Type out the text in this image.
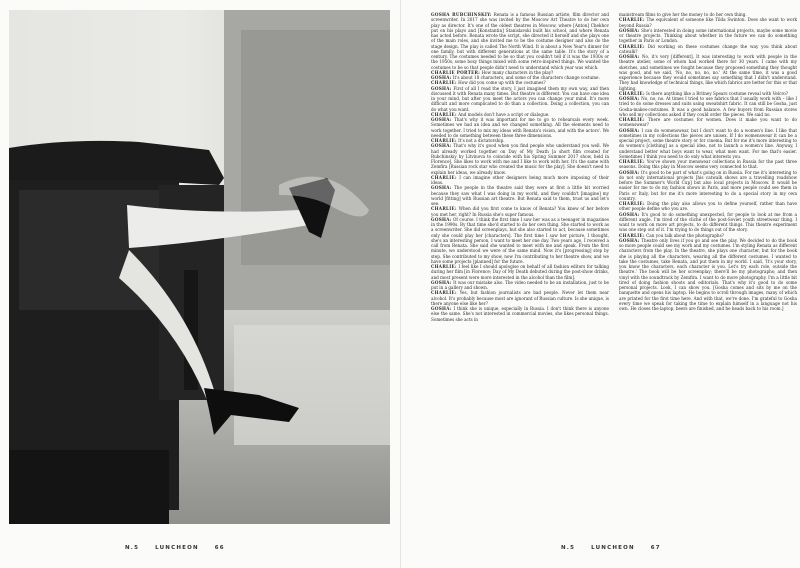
N.5	LUNCHEON	66

GOSHA RUBCHINSKIY: Renata is a famous Russian artiste, film director and screenwriter. In 2017 she was invited by the Moscow Art Theatre to do her own play as director. It's one of the oldest theatres in Moscow, where [Anton] Chekhov put on his plays and [Konstantin] Stanislavski built his school, and where Renata has acted before. Renata wrote the script, she directed it herself and she plays one of the main roles, and she invited me to be the costume designer and also do the stage design. The play is called The North Wind. It is about a New Year's dinner for one family, but with different generations at the same table. It's the story of a century. The costumes needed to be so that you couldn't tell if it was the 1930s or the 1950s, some boxy things mixed with some retro-inspired things. We wanted the costumes to be so that people didn't need to understand which year was which.

CHARLIE PORTER: How many characters in the play?

GOSHA: It's about 18 characters, and some of the characters change costume.

CHARLIE: How did you come up with the costumes?

GOSHA: First of all I read the story, I just imagined them my own way, and then discussed it with Renata many times. But theatre is different. You can have one idea in your mind, but after you meet the actors you can change your mind. It's more difficult and more complicated to do than a collection. Doing a collection, you can do what you want.

CHARLIE: And models don't have a script or dialogue.

GOSHA: That's why it was important for me to go to rehearsals every week. Sometimes we had an idea and we changed something. All the elements need to work together. I tried to mix my ideas with Renata's vision, and with the actors'. We needed to do something between these three dimensions.

CHARLIE: It's not a dictatorship.

GOSHA: That's why it's good when you find people who understand you well. We had already worked together on Day of My Death [a short film created for Rubchinskiy by Litvinova to coincide with his Spring Summer 2017 show, held in Florence]. She likes to work with me and I like to work with her. It's the same with Zemfira [Russian rock star who created the music for the play]. She doesn't need to explain her ideas, we already know.

CHARLIE: I can imagine other designers being much more imposing of their ideas.

GOSHA: The people in the theatre said they were at first a little bit worried because they saw what I was doing in my world, and they couldn't [imagine] my world [fitting] with Russian art theatre. But Renata said to them, trust us and let's see.

CHARLIE: When did you first come to know of Renata? You knew of her before you met her, right? In Russia she's super famous.

GOSHA: Of course. I think the first time I saw her was as a teenager in magazines in the 1990s. By that time she'd started to do her own thing. She started to work as a screenwriter. She did screenplays, but she also started to act, because sometimes only she could play her [characters]. The first time I saw her picture, I thought, she's an interesting person, I want to meet her one day. Two years ago, I received a call from Renata. She said she wanted to meet with me and speak. From the first minute, we understood we were of the same mind. Now it's [progressing] step by step. She contributed to my show, now I'm contributing to her theatre show, and we have some projects [planned] for the future.

CHARLIE: I feel like I should apologise on behalf of all fashion editors for talking during her film [in Florence; Day of My Death debuted during the post-show drinks, and most present were more interested in the alcohol than the film].

GOSHA: It was our mistake also. The video needed to be an installation, just to be put in a gallery and shown.

CHARLIE: Yes, but fashion journalists are bad people. Never let them near alcohol. It's probably because most are ignorant of Russian culture. Is she unique, is there anyone else like her?

GOSHA: I think she is unique, especially in Russia. I don't think there is anyone else the same. She's not interested in commercial movies, she likes personal things. Sometimes she acts in

mainstream films to give her the money to do her own thing.

CHARLIE: The equivalent of someone like Tilda Swinton. Does she want to work beyond Russia?

GOSHA: She's interested in doing some international projects, maybe some movie or theatre projects. Thinking about whether in the future we can do something together in Paris or London.

CHARLIE: Did working on these costumes change the way you think about catwalk?

GOSHA: No, it's very [different]. It was interesting to work with people in the theatre atelier, some of whom had worked there for 30 years. I came with my sketches, and sometimes we fought because they proposed something they thought was good, and we said, 'No, no, no, no, no.' At the same time, it was a good experience because they would sometimes say something that I didn't understand. They had knowledge of technical things, like which fabrics are better for this or that lighting.

CHARLIE: Is there anything like a Britney Spears costume reveal with Velcro?

GOSHA: No, no, no. At times I tried to use fabrics that I usually work with – like I tried to do some dresses and suits using sweatshirt fabric. It can still be Gosha, just Gosha-makes-costumes. It was a good balance. A few buyers from Russian stores who sell my collections asked if they could order the pieces. We said no.

CHARLIE: There are costumes for women. Does it make you want to do womenswear?

GOSHA: I can do womenswear, but I don't want to do a women's line. I like that sometimes in my collections the pieces are unisex. If I do womenswear it can be a special project, some theatre story or for cinema. But for me it's more interesting to do women's [clothing] as a special idea, not to launch a women's line. Anyway, I understand better what boys want to wear, what men want. For me that's easier. Sometimes I think you need to do only what interests you.

CHARLIE: You've shown your menswear collections in Russia for the past three seasons. Doing this play in Moscow seems very connected to that.

GOSHA: It's good to be part of what's going on in Russia. For me it's interesting to do not only international projects [his catwalk shows are a travelling roadshow before the Summer's World Cup] but also local projects in Moscow. It would be easier for me to do my fashion shows in Paris, and more people could see them in Paris or Italy, but for me it's more interesting to do a special story in my own country.

CHARLIE: Doing the play also allows you to define yourself, rather than have other people define who you are.

GOSHA: It's good to do something unexpected, for people to look at me from a different angle. I'm tired of the cliché of the post-Soviet youth streetwear thing. I want to work on more art projects, to do different things. This theatre experiment was one step out of it. I'm trying to do things out of the story.

CHARLIE: Can you talk about the photographs?

GOSHA: Theatre only lives if you go and see the play. We decided to do the book so more people could see my work and my costumes. I'm styling Renata as different characters from the play. In the theatre, she plays one character, but for the book she is playing all the characters, wearing all the different costumes. I wanted to take the costumes, take Renata, and put them in my world. I said, 'It's your story, you know the characters, each character is you. Let's try each role, outside the theatre.' The book will be her screenplay; there'll be my photographs; and then vinyl with the soundtrack by Zemfira. I want to do more photography. I'm a little bit tired of doing fashion shoots and editorials. That's why it's good to do some personal projects. Look, I can show you. [Gosha comes and sits by me on the banquette and opens his laptop. He begins to scroll through images, many of which are printed for the first time here. And with that, we're done. I'm grateful to Gosha every time we speak for taking the time to explain himself in a language not his own. He closes the laptop, beers are finished, and he heads back to his room.]

N.5	LUNCHEON	67
